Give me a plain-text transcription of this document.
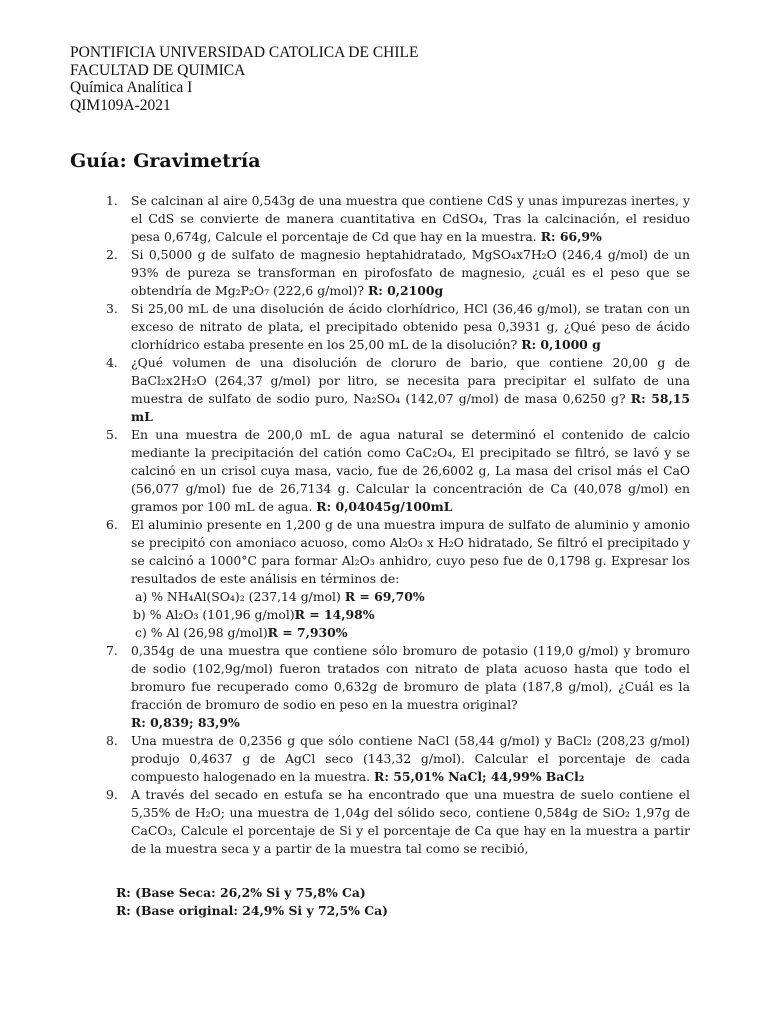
PONTIFICIA UNIVERSIDAD CATOLICA DE CHILE
FACULTAD DE QUIMICA
Química Analítica I
QIM109A-2021
Guía: Gravimetría
1. Se calcinan al aire 0,543g de una muestra que contiene CdS y unas impurezas inertes, y el CdS se convierte de manera cuantitativa en CdSO₄, Tras la calcinación, el residuo pesa 0,674g, Calcule el porcentaje de Cd que hay en la muestra. R: 66,9%
2. Si 0,5000 g de sulfato de magnesio heptahidratado, MgSO₄x7H₂O (246,4 g/mol) de un 93% de pureza se transforman en pirofosfato de magnesio, ¿cuál es el peso que se obtendría de Mg₂P₂O₇ (222,6 g/mol)? R: 0,2100g
3. Si 25,00 mL de una disolución de ácido clorhídrico, HCl (36,46 g/mol), se tratan con un exceso de nitrato de plata, el precipitado obtenido pesa 0,3931 g, ¿Qué peso de ácido clorhídrico estaba presente en los 25,00 mL de la disolución? R: 0,1000 g
4. ¿Qué volumen de una disolución de cloruro de bario, que contiene 20,00 g de BaCl₂x2H₂O (264,37 g/mol) por litro, se necesita para precipitar el sulfato de una muestra de sulfato de sodio puro, Na₂SO₄ (142,07 g/mol) de masa 0,6250 g? R: 58,15 mL
5. En una muestra de 200,0 mL de agua natural se determinó el contenido de calcio mediante la precipitación del catión como CaC₂O₄, El precipitado se filtró, se lavó y se calcinó en un crisol cuya masa, vacio, fue de 26,6002 g, La masa del crisol más el CaO (56,077 g/mol) fue de 26,7134 g. Calcular la concentración de Ca (40,078 g/mol) en gramos por 100 mL de agua. R: 0,04045g/100mL
6. El aluminio presente en 1,200 g de una muestra impura de sulfato de aluminio y amonio se precipitó con amoniaco acuoso, como Al₂O₃ x H₂O hidratado, Se filtró el precipitado y se calcinó a 1000°C para formar Al₂O₃ anhidro, cuyo peso fue de 0,1798 g. Expresar los resultados de este análisis en términos de:
a) % NH₄Al(SO₄)₂ (237,14 g/mol) R = 69,70%
b) % Al₂O₃ (101,96 g/mol)R = 14,98%
c) % Al (26,98 g/mol)R = 7,930%
7. 0,354g de una muestra que contiene sólo bromuro de potasio (119,0 g/mol) y bromuro de sodio (102,9g/mol) fueron tratados con nitrato de plata acuoso hasta que todo el bromuro fue recuperado como 0,632g de bromuro de plata (187,8 g/mol), ¿Cuál es la fracción de bromuro de sodio en peso en la muestra original?
R: 0,839; 83,9%
8. Una muestra de 0,2356 g que sólo contiene NaCl (58,44 g/mol) y BaCl₂ (208,23 g/mol) produjo 0,4637 g de AgCl seco (143,32 g/mol). Calcular el porcentaje de cada compuesto halogenado en la muestra. R: 55,01% NaCl; 44,99% BaCl₂
9. A través del secado en estufa se ha encontrado que una muestra de suelo contiene el 5,35% de H₂O; una muestra de 1,04g del sólido seco, contiene 0,584g de SiO₂ 1,97g de CaCO₃, Calcule el porcentaje de Si y el porcentaje de Ca que hay en la muestra a partir de la muestra seca y a partir de la muestra tal como se recibió,
R: (Base Seca: 26,2% Si y 75,8% Ca)
R: (Base original: 24,9% Si y 72,5% Ca)
